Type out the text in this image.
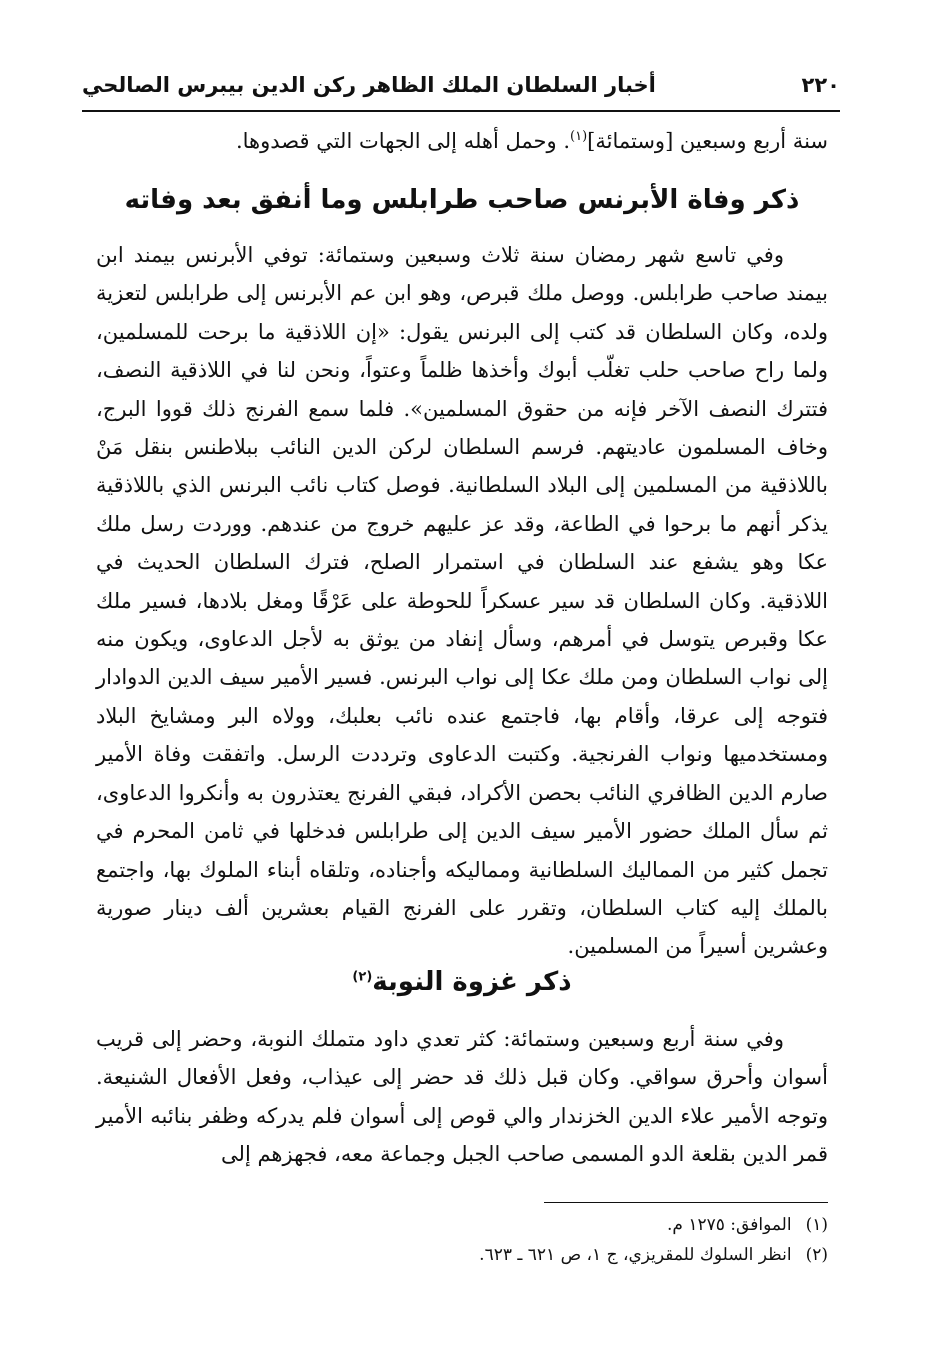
٢٢٠
أخبار السلطان الملك الظاهر ركن الدين بيبرس الصالحي

سنة أربع وسبعين [وستمائة]$^{(١)}$. وحمل أهله إلى الجهات التي قصدوها.

ذكر وفاة الأبرنس صاحب طرابلس وما أنفق بعد وفاته

وفي تاسع شهر رمضان سنة ثلاث وسبعين وستمائة: توفي الأبرنس بيمند ابن بيمند صاحب طرابلس. ووصل ملك قبرص، وهو ابن عم الأبرنس إلى طرابلس لتعزية ولده، وكان السلطان قد كتب إلى البرنس يقول: «إن اللاذقية ما برحت للمسلمين، ولما راح صاحب حلب تغلّب أبوك وأخذها ظلماً وعتواً، ونحن لنا في اللاذقية النصف، فتترك النصف الآخر فإنه من حقوق المسلمين». فلما سمع الفرنج ذلك قووا البرج، وخاف المسلمون عاديتهم. فرسم السلطان لركن الدين النائب ببلاطنس بنقل مَنْ باللاذقية من المسلمين إلى البلاد السلطانية. فوصل كتاب نائب البرنس الذي باللاذقية يذكر أنهم ما برحوا في الطاعة، وقد عز عليهم خروج من عندهم. ووردت رسل ملك عكا وهو يشفع عند السلطان في استمرار الصلح، فترك السلطان الحديث في اللاذقية. وكان السلطان قد سير عسكراً للحوطة على عَرْقًا ومغل بلادها، فسير ملك عكا وقبرص يتوسل في أمرهم، وسأل إنفاد من يوثق به لأجل الدعاوى، ويكون منه إلى نواب السلطان ومن ملك عكا إلى نواب البرنس. فسير الأمير سيف الدين الدوادار فتوجه إلى عرقا، وأقام بها، فاجتمع عنده نائب بعلبك، وولاه البر ومشايخ البلاد ومستخدميها ونواب الفرنجية. وكتبت الدعاوى وترددت الرسل. واتفقت وفاة الأمير صارم الدين الظافري النائب بحصن الأكراد، فبقي الفرنج يعتذرون به وأنكروا الدعاوى، ثم سأل الملك حضور الأمير سيف الدين إلى طرابلس فدخلها في ثامن المحرم في تجمل كثير من المماليك السلطانية ومماليكه وأجناده، وتلقاه أبناء الملوك بها، واجتمع بالملك إليه كتاب السلطان، وتقرر على الفرنج القيام بعشرين ألف دينار صورية وعشرين أسيراً من المسلمين.

ذكر غزوة النوبة$^{(٢)}$

وفي سنة أربع وسبعين وستمائة: كثر تعدي داود متملك النوبة، وحضر إلى قريب أسوان وأحرق سواقي. وكان قبل ذلك قد حضر إلى عيذاب، وفعل الأفعال الشنيعة. وتوجه الأمير علاء الدين الخزندار والي قوص إلى أسوان فلم يدركه وظفر بنائبه الأمير قمر الدين بقلعة الدو المسمى صاحب الجبل وجماعة معه، فجهزهم إلى

(١)
الموافق: ١٢٧٥ م.
(٢)
انظر السلوك للمقريزي، ج ١، ص ٦٢١ ـ ٦٢٣.
